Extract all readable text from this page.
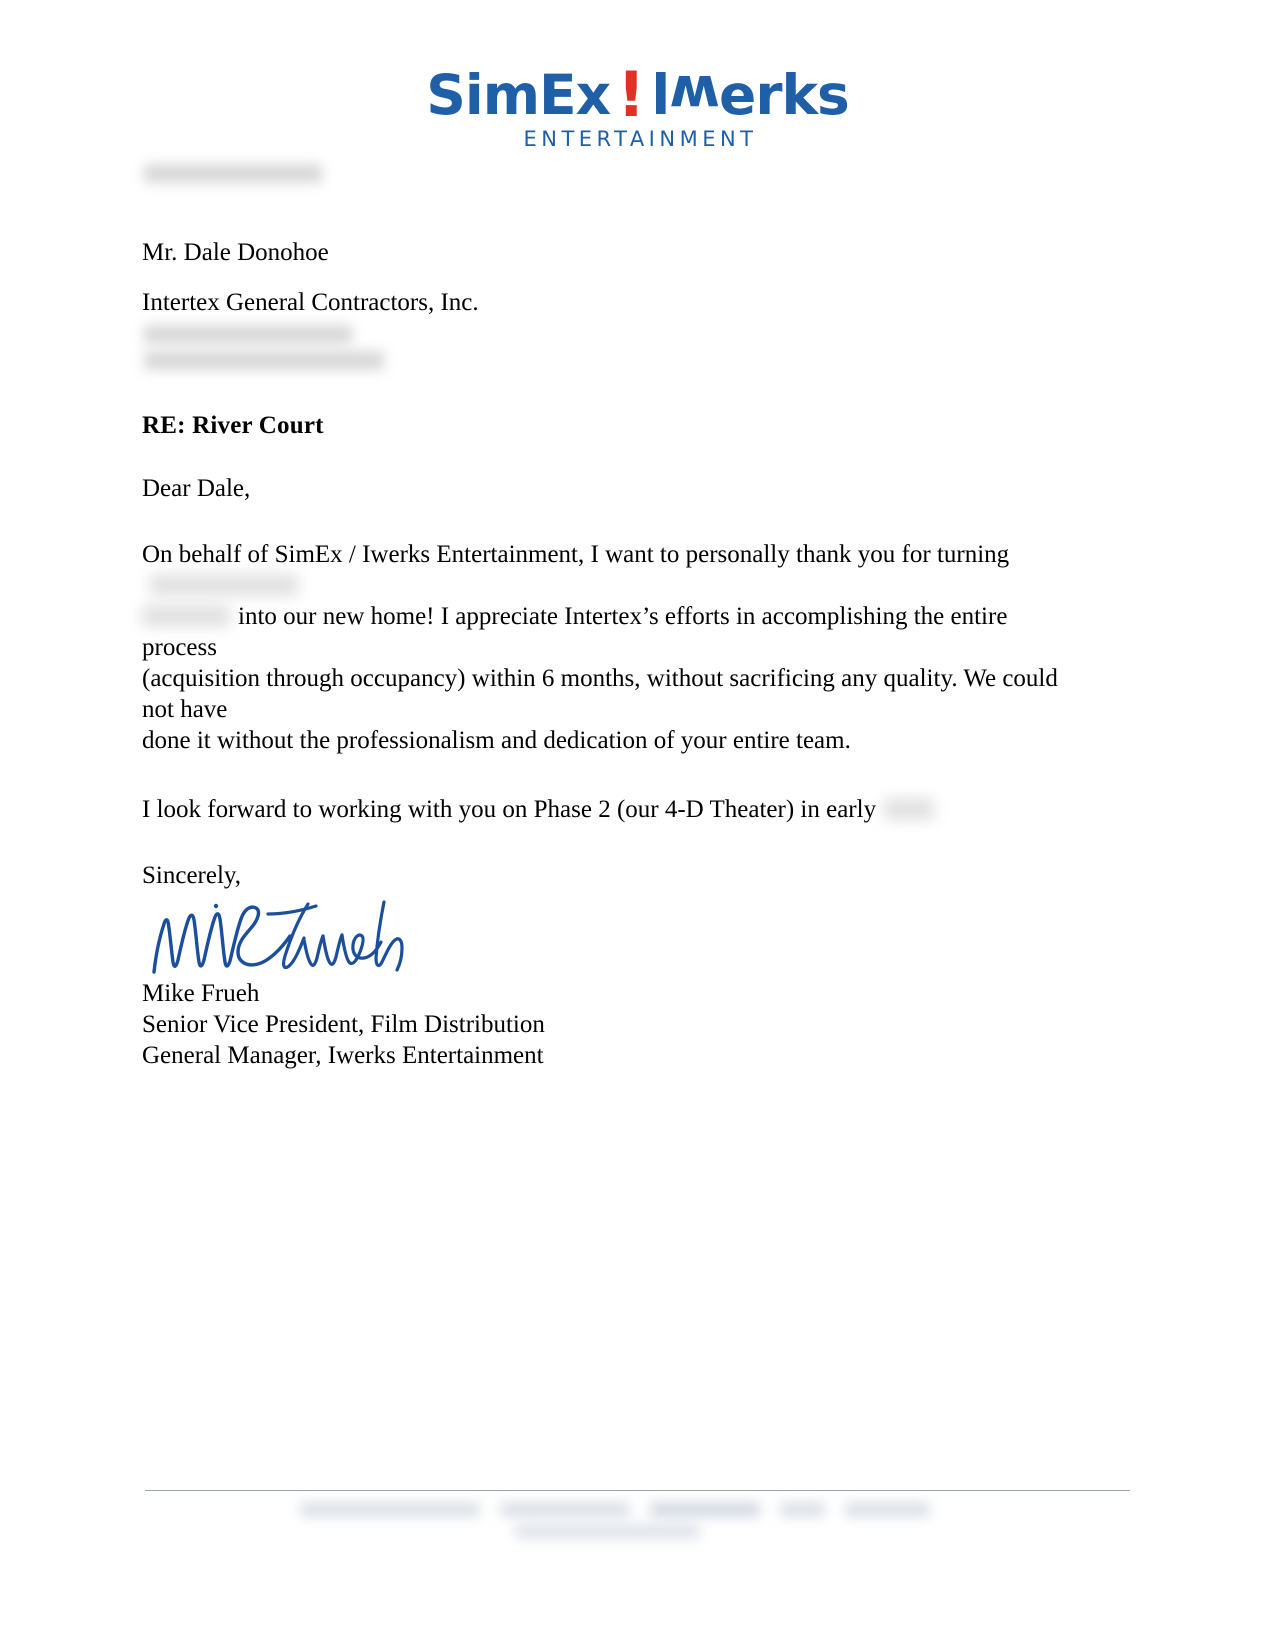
SimEx ! lwerks
ENTERTAINMENT
Mr. Dale Donohoe
Intertex General Contractors, Inc.
RE: River Court
Dear Dale,
On behalf of SimEx / Iwerks Entertainment, I want to personally thank you for turning
into our new home! I appreciate Intertex’s efforts in accomplishing the entire process
(acquisition through occupancy) within 6 months, without sacrificing any quality. We could not have
done it without the professionalism and dedication of your entire team.
I look forward to working with you on Phase 2 (our 4-D Theater) in early
Sincerely,
Mike Frueh
Senior Vice President, Film Distribution
General Manager, Iwerks Entertainment
